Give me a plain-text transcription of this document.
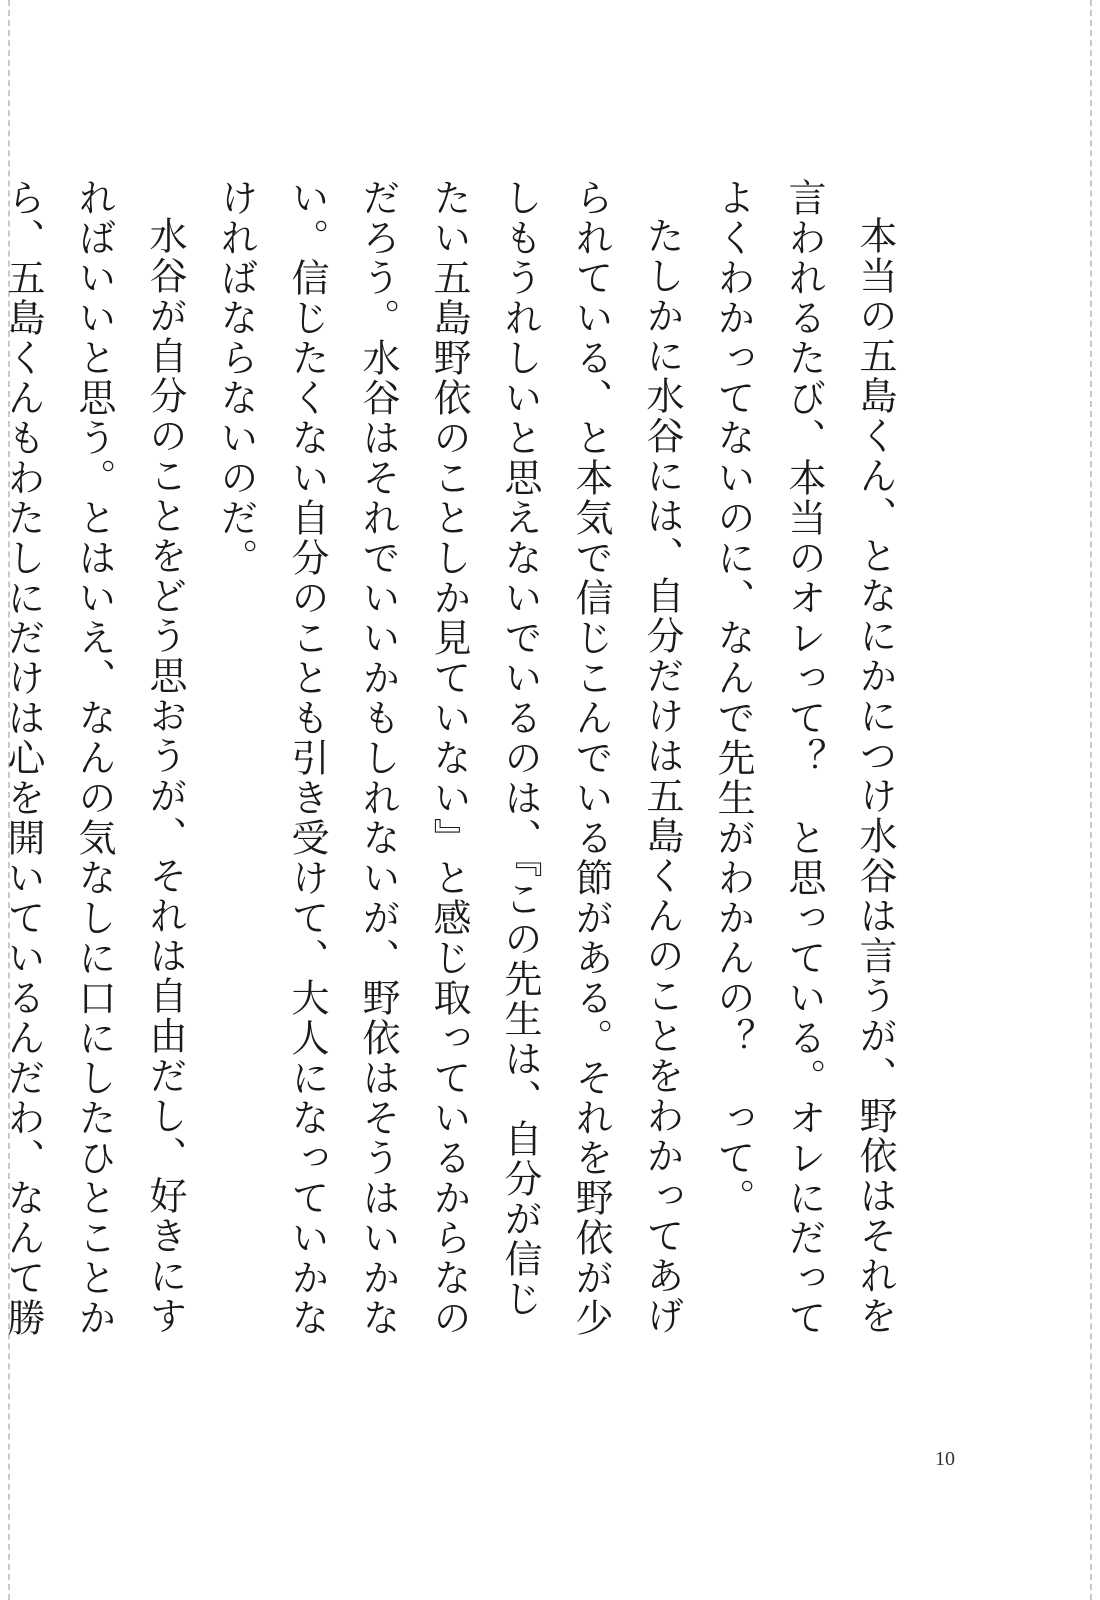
本当の五島くん、となにかにつけ水谷は言うが、野依はそれを言われるたび、本当のオレって？　と思っている。オレにだってよくわかってないのに、なんで先生がわかんの？　って。

たしかに水谷には、自分だけは五島くんのことをわかってあげられている、と本気で信じこんでいる節がある。それを野依が少しもうれしいと思えないでいるのは、『この先生は、自分が信じたい五島野依のことしか見ていない』と感じ取っているからなのだろう。水谷はそれでいいかもしれないが、野依はそうはいかない。信じたくない自分のことも引き受けて、大人になっていかなければならないのだ。

水谷が自分のことをどう思おうが、それは自由だし、好きにすればいいと思う。とはいえ、なんの気なしに口にしたひとことから、五島くんもわたしにだけは心を開いているんだわ、なんて勝

10
